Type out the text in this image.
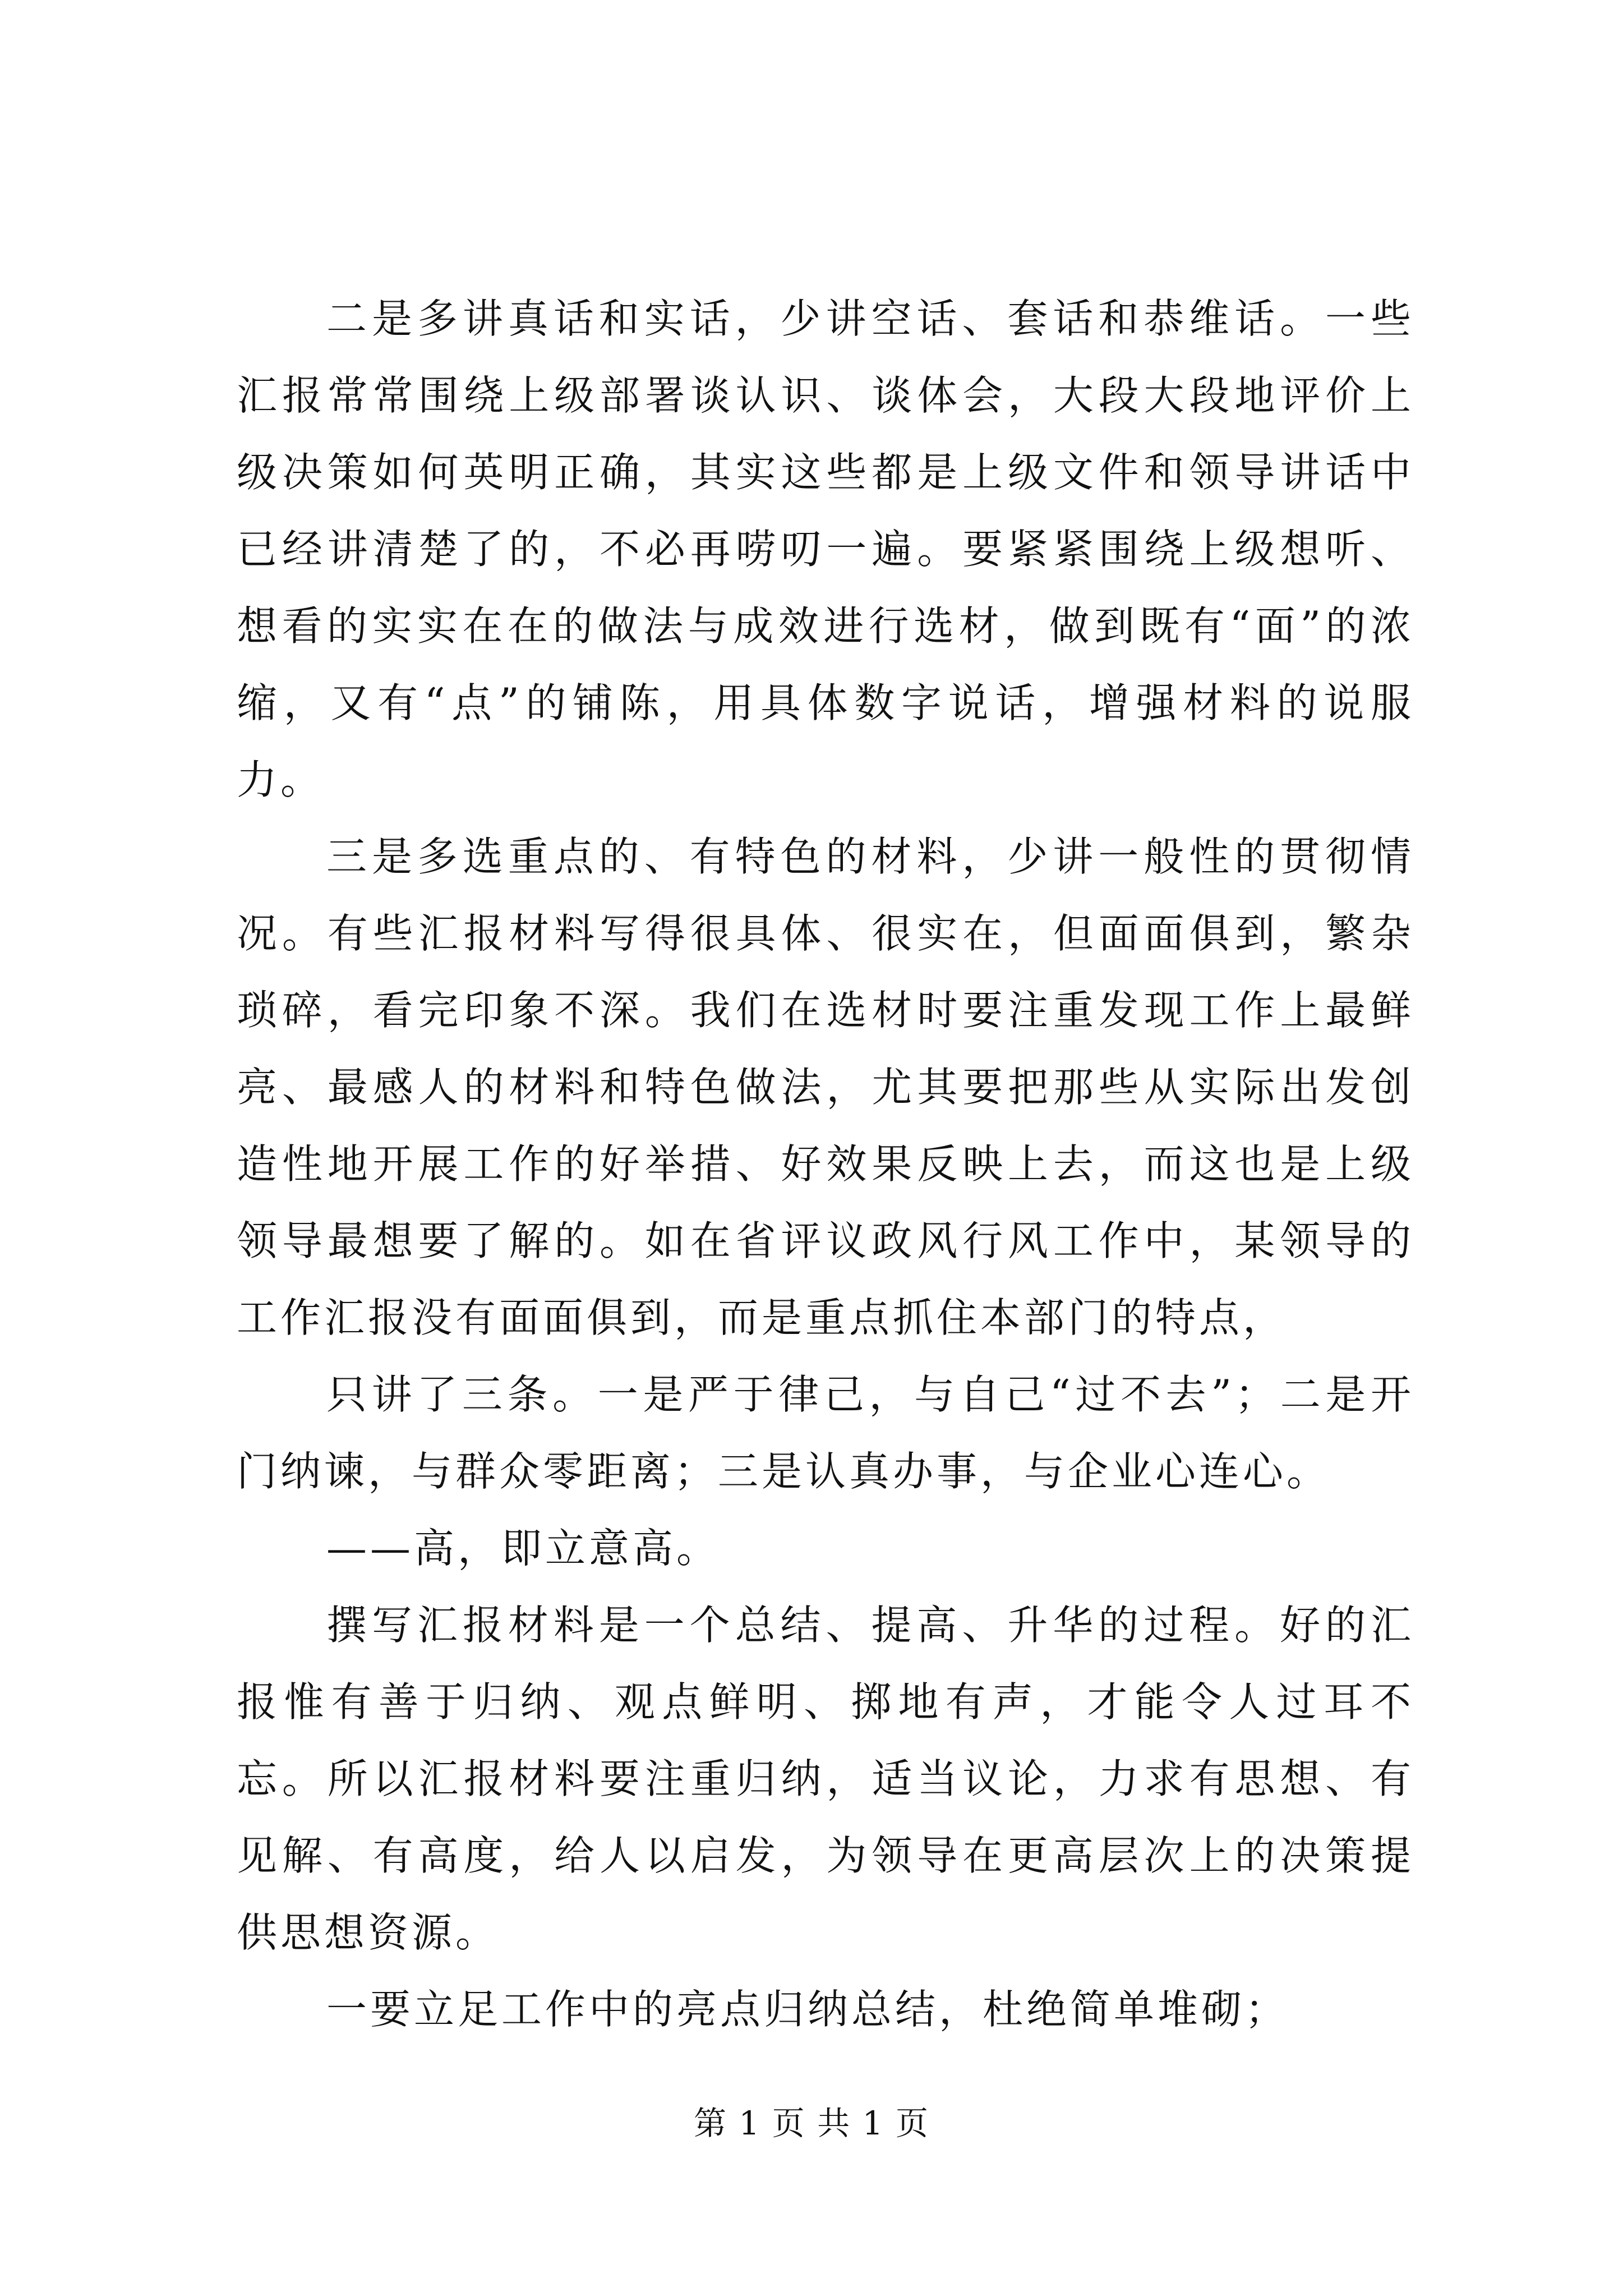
二是多讲真话和实话，少讲空话、套话和恭维话。一些汇报常常围绕上级部署谈认识、谈体会，大段大段地评价上级决策如何英明正确，其实这些都是上级文件和领导讲话中已经讲清楚了的，不必再唠叨一遍。要紧紧围绕上级想听、想看的实实在在的做法与成效进行选材，做到既有“面”的浓缩，又有“点”的铺陈，用具体数字说话，增强材料的说服力。

三是多选重点的、有特色的材料，少讲一般性的贯彻情况。有些汇报材料写得很具体、很实在，但面面俱到，繁杂琐碎，看完印象不深。我们在选材时要注重发现工作上最鲜亮、最感人的材料和特色做法，尤其要把那些从实际出发创造性地开展工作的好举措、好效果反映上去，而这也是上级领导最想要了解的。如在省评议政风行风工作中，某领导的工作汇报没有面面俱到，而是重点抓住本部门的特点，

只讲了三条。一是严于律己，与自己“过不去”；二是开门纳谏，与群众零距离；三是认真办事，与企业心连心。

——高，即立意高。

撰写汇报材料是一个总结、提高、升华的过程。好的汇报惟有善于归纳、观点鲜明、掷地有声，才能令人过耳不忘。所以汇报材料要注重归纳，适当议论，力求有思想、有见解、有高度，给人以启发，为领导在更高层次上的决策提供思想资源。

一要立足工作中的亮点归纳总结，杜绝简单堆砌；

第 1 页 共 1 页
